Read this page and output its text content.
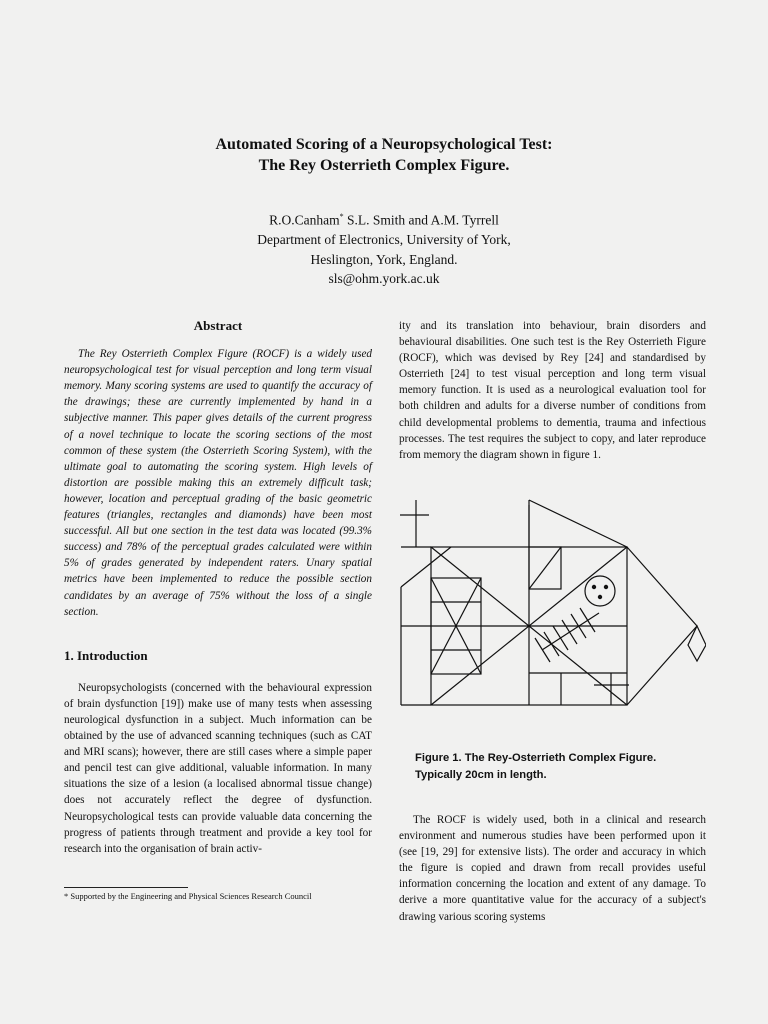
Automated Scoring of a Neuropsychological Test:
The Rey Osterrieth Complex Figure.
R.O.Canham* S.L. Smith and A.M. Tyrrell
Department of Electronics, University of York,
Heslington, York, England.
sls@ohm.york.ac.uk
Abstract

The Rey Osterrieth Complex Figure (ROCF) is a widely used neuropsychological test for visual perception and long term visual memory. Many scoring systems are used to quantify the accuracy of the drawings; these are currently implemented by hand in a subjective manner. This paper gives details of the current progress of a novel technique to locate the scoring sections of the most common of these system (the Osterrieth Scoring System), with the ultimate goal to automating the scoring system. High levels of distortion are possible making this an extremely difficult task; however, location and perceptual grading of the basic geometric features (triangles, rectangles and diamonds) have been most successful. All but one section in the test data was located (99.3% success) and 78% of the perceptual grades calculated were within 5% of grades generated by independent raters. Unary spatial metrics have been implemented to reduce the possible section candidates by an average of 75% without the loss of a single section.

1. Introduction

Neuropsychologists (concerned with the behavioural expression of brain dysfunction [19]) make use of many tests when assessing neurological dysfunction in a subject. Much information can be obtained by the use of advanced scanning techniques (such as CAT and MRI scans); however, there are still cases where a simple paper and pencil test can give additional, valuable information. In many situations the size of a lesion (a localised abnormal tissue change) does not accurately reflect the degree of dysfunction. Neuropsychological tests can provide valuable data concerning the progress of patients through treatment and provide a key tool for research into the organisation of brain activ-

* Supported by the Engineering and Physical Sciences Research Council

ity and its translation into behaviour, brain disorders and behavioural disabilities. One such test is the Rey Osterrieth Figure (ROCF), which was devised by Rey [24] and standardised by Osterrieth [24] to test visual perception and long term visual memory function. It is used as a neurological evaluation tool for both children and adults for a diverse number of conditions from child developmental problems to dementia, trauma and infectious processes. The test requires the subject to copy, and later reproduce from memory the diagram shown in figure 1.

Figure 1. The Rey-Osterrieth Complex Figure.
Typically 20cm in length.

The ROCF is widely used, both in a clinical and research environment and numerous studies have been performed upon it (see [19, 29] for extensive lists). The order and accuracy in which the figure is copied and drawn from recall provides useful information concerning the location and extent of any damage. To derive a more quantitative value for the accuracy of a subject's drawing various scoring systems
